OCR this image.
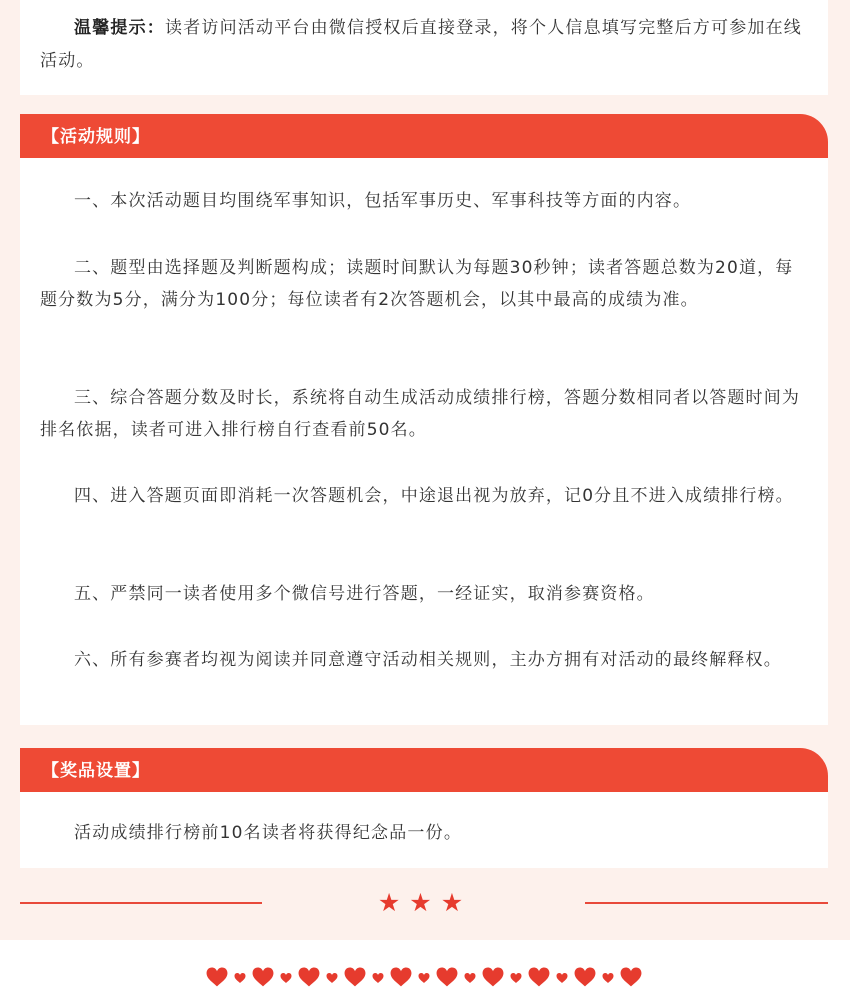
温馨提示：读者访问活动平台由微信授权后直接登录，将个人信息填写完整后方可参加在线活动。

【活动规则】

一、本次活动题目均围绕军事知识，包括军事历史、军事科技等方面的内容。

二、题型由选择题及判断题构成；读题时间默认为每题30秒钟；读者答题总数为20道，每题分数为5分，满分为100分；每位读者有2次答题机会，以其中最高的成绩为准。

三、综合答题分数及时长，系统将自动生成活动成绩排行榜，答题分数相同者以答题时间为排名依据，读者可进入排行榜自行查看前50名。

四、进入答题页面即消耗一次答题机会，中途退出视为放弃，记0分且不进入成绩排行榜。

五、严禁同一读者使用多个微信号进行答题，一经证实，取消参赛资格。

六、所有参赛者均视为阅读并同意遵守活动相关规则，主办方拥有对活动的最终解释权。

【奖品设置】

活动成绩排行榜前10名读者将获得纪念品一份。

★★★
